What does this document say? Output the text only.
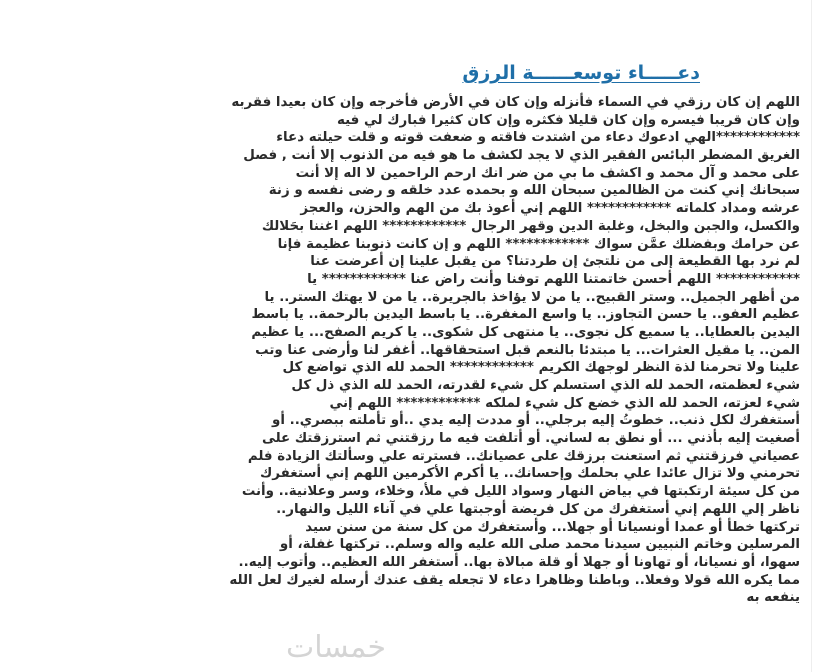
دعـــــاء توسعــــــة الرزق
اللهم إن كان رزقي في السماء فأنزله وإن كان في الأرض فأخرجه وإن كان بعيدا فقربه
وإن كان قريبا فيسره وإن كان قليلا فكثره وإن كان كثيرا فبارك لي فيه
************الهي ادعوك دعاء من اشتدت فاقته و ضعفت قوته و قلت حيلته دعاء
الغريق المضطر البائس الفقير الذي لا يجد لكشف ما هو فيه من الذنوب إلا أنت , فصل
على محمد و آل محمد و اكشف ما بي من ضر انك ارحم الراحمين لا اله إلا أنت
سبحانك إني كنت من الظالمين سبحان الله و بحمده عدد خلقه و رضى نفسه و زنة
عرشه ومداد كلماته ************ اللهم إني أعوذ بك من الهم والحزن، والعجز
والكسل، والجبن والبخل، وغلبة الدين وقهر الرجال ************ اللهم اغننا بحَلالك
عن حرامك وبفضلك عمَّن سواك ************ اللهم و إن كانت ذنوبنا عظيمة فإنا
لم نرد بها القطيعة إلى من نلتجئ إن طردتنا؟ من يقبل علينا إن أعرضت عنا
************ اللهم أحسن خاتمتنا اللهم توفنا وأنت راض عنا ************ يا
من أظهر الجميل.. وستر القبيح.. يا من لا يؤاخذ بالجريرة.. يا من لا يهتك الستر.. يا
عظيم العفو.. يا حسن التجاوز.. يا واسع المغفرة.. يا باسط اليدين بالرحمة.. يا باسط
اليدين بالعطايا.. يا سميع كل نجوى.. يا منتهى كل شكوى.. يا كريم الصفح... يا عظيم
المن.. يا مقيل العثرات... يا مبتدئا بالنعم قبل استحقاقها.. أغفر لنا وأرضى عنا وتب
علينا ولا تحرمنا لذة النظر لوجهك الكريم ************ الحمد لله الذي تواضع كل
شيء لعظمته، الحمد لله الذي استسلم كل شيء لقدرته، الحمد لله الذي ذل كل
شيء لعزته، الحمد لله الذي خضع كل شيء لملكه ************ اللهم إني
أستغفرك لكل ذنب.. خطوتُ إليه برجلي.. أو مددت إليه يدي ..أو تأملته ببصري.. أو
أصغيت إليه بأذني ... أو نطق به لساني. أو أتلفت فيه ما رزقتني ثم استرزقتك على
عصياني فرزقتني ثم استعنت برزقك على عصيانك.. فسترته علي وسألتك الزيادة فلم
تحرمني ولا تزال عائدا علي بحلمك وإحسانك.. يا أكرم الأكرمين اللهم إني أستغفرك
من كل سيئة ارتكبتها في بياض النهار وسواد الليل في ملأ، وخلاء، وسر وعلانية.. وأنت
ناظر إلي اللهم إني أستغفرك من كل فريضة أوجبتها علي في آناء الليل والنهار..
تركتها خطأ أو عمدا أونسيانا أو جهلا... وأستغفرك من كل سنة من سنن سيد
المرسلين وخاتم النبيين سيدنا محمد صلى الله عليه واله وسلم.. تركتها غفلة، أو
سهوا، أو نسيانا، أو تهاونا أو جهلا أو قلة مبالاة بها.. أستغفر الله العظيم.. وأتوب إليه..
مما يكره الله قولا وفعلا.. وباطنا وظاهرا دعاء لا تجعله يقف عندك أرسله لغيرك لعل الله
ينفعه به
خمسات
